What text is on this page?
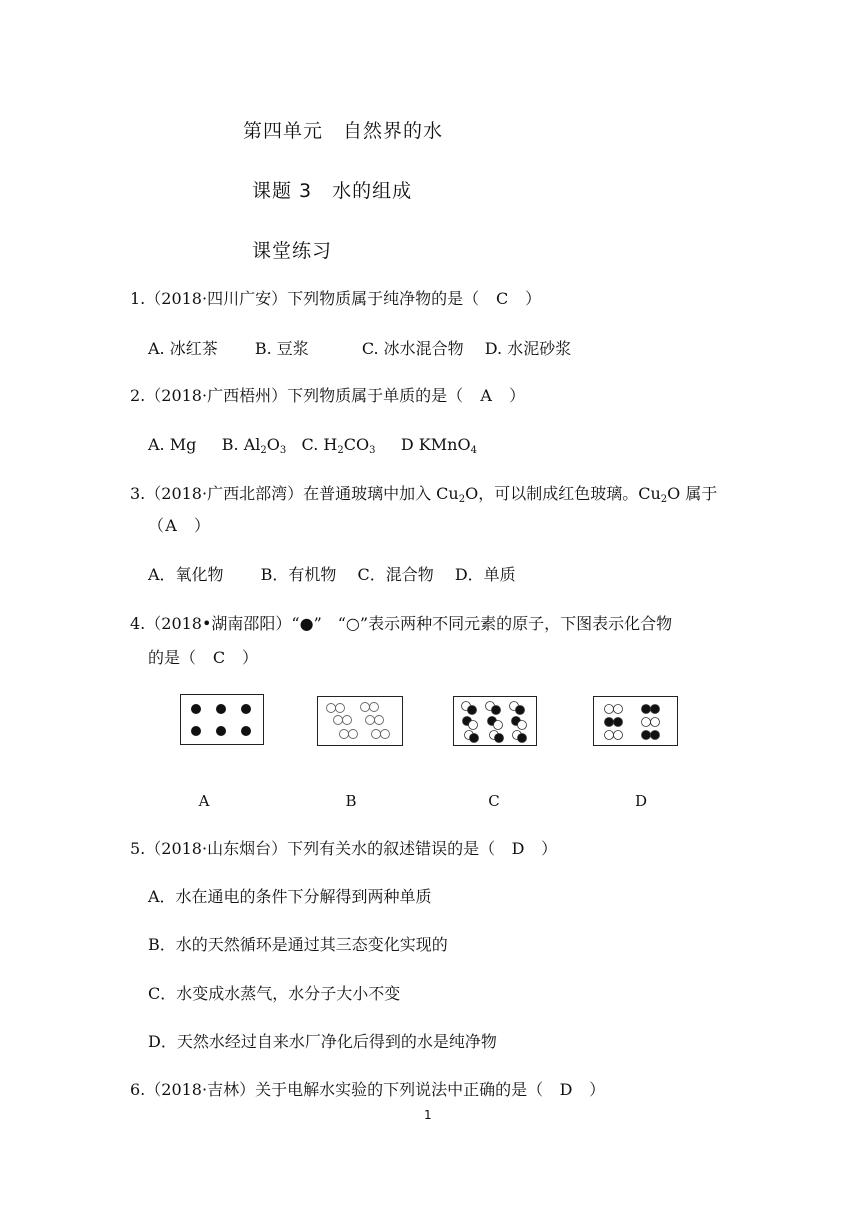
第四单元　自然界的水
课题 3　水的组成
课堂练习
1.（2018·四川广安）下列物质属于纯净物的是（　 C　 ）
A. 冰红茶　　 B. 豆浆　　　 C. 冰水混合物　 D. 水泥砂浆
2.（2018·广西梧州）下列物质属于单质的是（　 A　 ）
A. Mg B. $Al_2O_3$ C. $H_2CO_3$ D KMnO$_4$
3.（2018·广西北部湾）在普通玻璃中加入 $Cu_2O$，可以制成红色玻璃。$Cu_2O$ 属于
（A　 ）
A．氧化物　　 B．有机物　 C．混合物　 D．单质
4.（2018•湖南邵阳）“●”　“○”表示两种不同元素的原子，下图表示化合物
的是（　 C　 ）
A	B	C	D
5.（2018·山东烟台）下列有关水的叙述错误的是（　 D　 ）
A．水在通电的条件下分解得到两种单质
B．水的天然循环是通过其三态变化实现的
C．水变成水蒸气，水分子大小不变
D．天然水经过自来水厂净化后得到的水是纯净物
6.（2018·吉林）关于电解水实验的下列说法中正确的是（　 D　 ）
1
